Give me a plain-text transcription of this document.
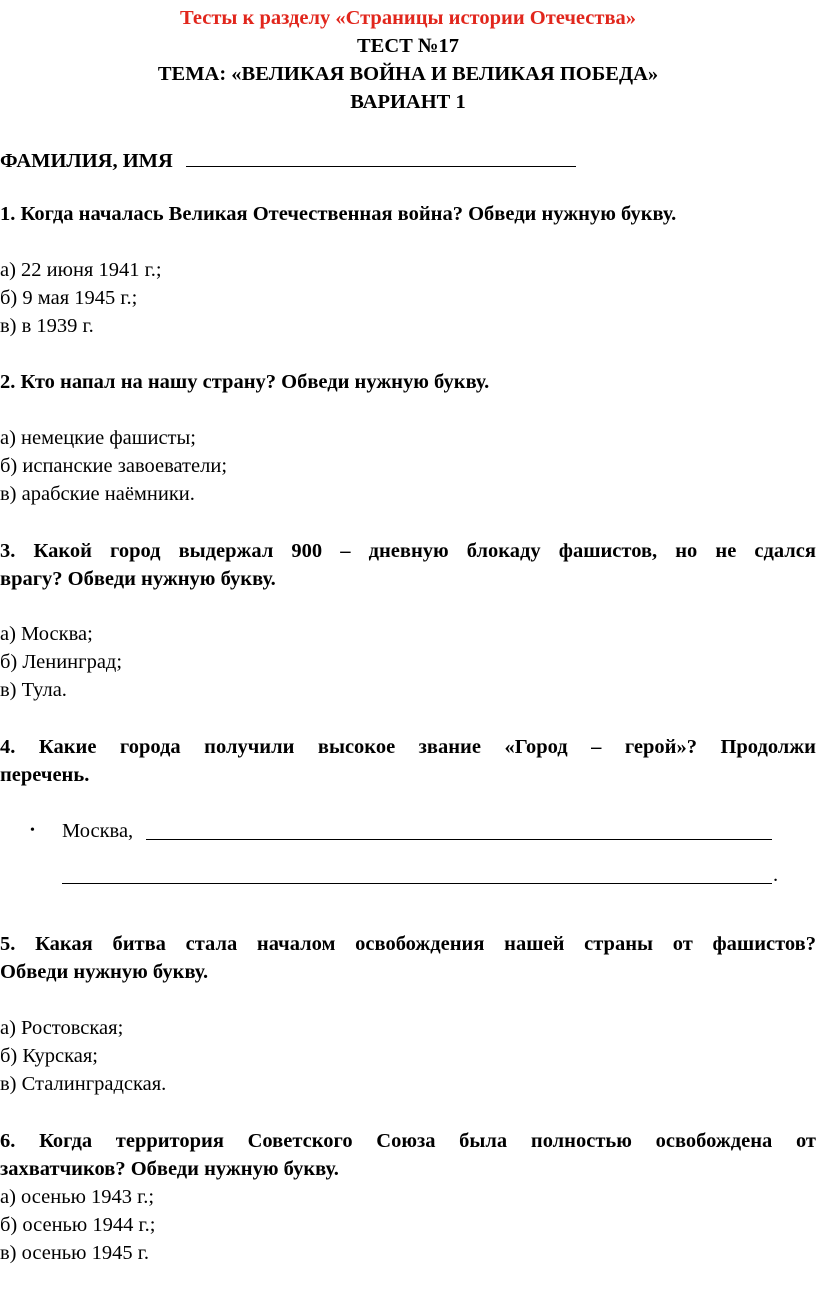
Тесты к разделу «Страницы истории Отечества»
ТЕСТ №17
ТЕМА: «ВЕЛИКАЯ ВОЙНА И ВЕЛИКАЯ ПОБЕДА»
ВАРИАНТ 1
ФАМИЛИЯ, ИМЯ
1. Когда началась Великая Отечественная война? Обведи нужную букву.
а) 22 июня 1941 г.;
б) 9 мая 1945 г.;
в) в 1939 г.
2. Кто напал на нашу страну? Обведи нужную букву.
а) немецкие фашисты;
б) испанские завоеватели;
в) арабские наёмники.
3. Какой город выдержал 900 – дневную блокаду фашистов, но не сдался
врагу? Обведи нужную букву.
а) Москва;
б) Ленинград;
в) Тула.
4. Какие города получили высокое звание «Город – герой»? Продолжи
перечень.
• Москва,
.
5. Какая битва стала началом освобождения нашей страны от фашистов?
Обведи нужную букву.
а) Ростовская;
б) Курская;
в) Сталинградская.
6. Когда территория Советского Союза была полностью освобождена от
захватчиков? Обведи нужную букву.
а) осенью 1943 г.;
б) осенью 1944 г.;
в) осенью 1945 г.
